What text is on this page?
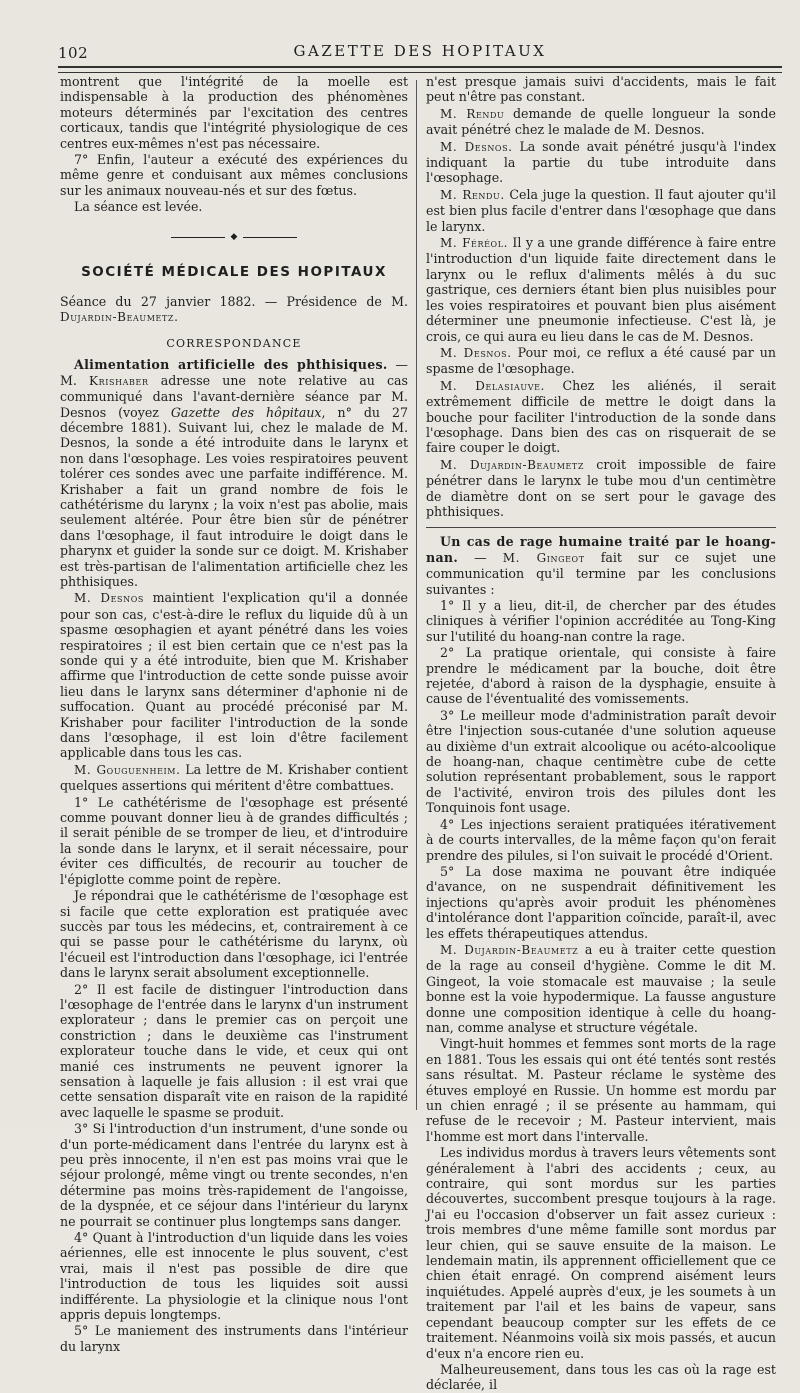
102	GAZETTE DES HOPITAUX

montrent que l'intégrité de la moelle est indispensable à la production des phénomènes moteurs déterminés par l'excitation des centres corticaux, tandis que l'intégrité physiologique de ces centres eux-mêmes n'est pas nécessaire.

7° Enfin, l'auteur a exécuté des expériences du même genre et conduisant aux mêmes conclusions sur les animaux nouveau-nés et sur des fœtus.

La séance est levée.

◆
SOCIÉTÉ MÉDICALE DES HOPITAUX

Séance du 27 janvier 1882. — Présidence de M. Dujardin-Beaumetz.

CORRESPONDANCE

Alimentation artificielle des phthisiques. — M. Krishaber adresse une note relative au cas communiqué dans l'avant-dernière séance par M. Desnos (voyez Gazette des hôpitaux, n° du 27 décembre 1881). Suivant lui, chez le malade de M. Desnos, la sonde a été introduite dans le larynx et non dans l'œsophage. Les voies respiratoires peuvent tolérer ces sondes avec une parfaite indifférence. M. Krishaber a fait un grand nombre de fois le cathétérisme du larynx ; la voix n'est pas abolie, mais seulement altérée. Pour être bien sûr de pénétrer dans l'œsophage, il faut introduire le doigt dans le pharynx et guider la sonde sur ce doigt. M. Krishaber est très-partisan de l'alimentation artificielle chez les phthisiques.

M. Desnos maintient l'explication qu'il a donnée pour son cas, c'est-à-dire le reflux du liquide dû à un spasme œsophagien et ayant pénétré dans les voies respiratoires ; il est bien certain que ce n'est pas la sonde qui y a été introduite, bien que M. Krishaber affirme que l'introduction de cette sonde puisse avoir lieu dans le larynx sans déterminer d'aphonie ni de suffocation. Quant au procédé préconisé par M. Krishaber pour faciliter l'introduction de la sonde dans l'œsophage, il est loin d'être facilement applicable dans tous les cas.

M. Gouguenheim. La lettre de M. Krishaber contient quelques assertions qui méritent d'être combattues.

1° Le cathétérisme de l'œsophage est présenté comme pouvant donner lieu à de grandes difficultés ; il serait pénible de se tromper de lieu, et d'introduire la sonde dans le larynx, et il serait nécessaire, pour éviter ces difficultés, de recourir au toucher de l'épiglotte comme point de repère.

Je répondrai que le cathétérisme de l'œsophage est si facile que cette exploration est pratiquée avec succès par tous les médecins, et, contrairement à ce qui se passe pour le cathétérisme du larynx, où l'écueil est l'introduction dans l'œsophage, ici l'entrée dans le larynx serait absolument exceptionnelle.

2° Il est facile de distinguer l'introduction dans l'œsophage de l'entrée dans le larynx d'un instrument explorateur ; dans le premier cas on perçoit une constriction ; dans le deuxième cas l'instrument explorateur touche dans le vide, et ceux qui ont manié ces instruments ne peuvent ignorer la sensation à laquelle je fais allusion : il est vrai que cette sensation disparaît vite en raison de la rapidité avec laquelle le spasme se produit.

3° Si l'introduction d'un instrument, d'une sonde ou d'un porte-médicament dans l'entrée du larynx est à peu près innocente, il n'en est pas moins vrai que le séjour prolongé, même vingt ou trente secondes, n'en détermine pas moins très-rapidement de l'angoisse, de la dyspnée, et ce séjour dans l'intérieur du larynx ne pourrait se continuer plus longtemps sans danger.

4° Quant à l'introduction d'un liquide dans les voies aériennes, elle est innocente le plus souvent, c'est vrai, mais il n'est pas possible de dire que l'introduction de tous les liquides soit aussi indifférente. La physiologie et la clinique nous l'ont appris depuis longtemps.

5° Le maniement des instruments dans l'intérieur du larynx

n'est presque jamais suivi d'accidents, mais le fait peut n'être pas constant.

M. Rendu demande de quelle longueur la sonde avait pénétré chez le malade de M. Desnos.

M. Desnos. La sonde avait pénétré jusqu'à l'index indiquant la partie du tube introduite dans l'œsophage.

M. Rendu. Cela juge la question. Il faut ajouter qu'il est bien plus facile d'entrer dans l'œsophage que dans le larynx.

M. Féréol. Il y a une grande différence à faire entre l'introduction d'un liquide faite directement dans le larynx ou le reflux d'aliments mêlés à du suc gastrique, ces derniers étant bien plus nuisibles pour les voies respiratoires et pouvant bien plus aisément déterminer une pneumonie infectieuse. C'est là, je crois, ce qui aura eu lieu dans le cas de M. Desnos.

M. Desnos. Pour moi, ce reflux a été causé par un spasme de l'œsophage.

M. Delasiauve. Chez les aliénés, il serait extrêmement difficile de mettre le doigt dans la bouche pour faciliter l'introduction de la sonde dans l'œsophage. Dans bien des cas on risquerait de se faire couper le doigt.

M. Dujardin-Beaumetz croit impossible de faire pénétrer dans le larynx le tube mou d'un centimètre de diamètre dont on se sert pour le gavage des phthisiques.

Un cas de rage humaine traité par le hoang-nan. — M. Gingeot fait sur ce sujet une communication qu'il termine par les conclusions suivantes :

1° Il y a lieu, dit-il, de chercher par des études cliniques à vérifier l'opinion accréditée au Tong-King sur l'utilité du hoang-nan contre la rage.

2° La pratique orientale, qui consiste à faire prendre le médicament par la bouche, doit être rejetée, d'abord à raison de la dysphagie, ensuite à cause de l'éventualité des vomissements.

3° Le meilleur mode d'administration paraît devoir être l'injection sous-cutanée d'une solution aqueuse au dixième d'un extrait alcoolique ou acéto-alcoolique de hoang-nan, chaque centimètre cube de cette solution représentant probablement, sous le rapport de l'activité, environ trois des pilules dont les Tonquinois font usage.

4° Les injections seraient pratiquées itérativement à de courts intervalles, de la même façon qu'on ferait prendre des pilules, si l'on suivait le procédé d'Orient.

5° La dose maxima ne pouvant être indiquée d'avance, on ne suspendrait définitivement les injections qu'après avoir produit les phénomènes d'intolérance dont l'apparition coïncide, paraît-il, avec les effets thérapeutiques attendus.

M. Dujardin-Beaumetz a eu à traiter cette question de la rage au conseil d'hygiène. Comme le dit M. Gingeot, la voie stomacale est mauvaise ; la seule bonne est la voie hypodermique. La fausse angusture donne une composition identique à celle du hoang-nan, comme analyse et structure végétale.

Vingt-huit hommes et femmes sont morts de la rage en 1881. Tous les essais qui ont été tentés sont restés sans résultat. M. Pasteur réclame le système des étuves employé en Russie. Un homme est mordu par un chien enragé ; il se présente au hammam, qui refuse de le recevoir ; M. Pasteur intervient, mais l'homme est mort dans l'intervalle.

Les individus mordus à travers leurs vêtements sont généralement à l'abri des accidents ; ceux, au contraire, qui sont mordus sur les parties découvertes, succombent presque toujours à la rage. J'ai eu l'occasion d'observer un fait assez curieux : trois membres d'une même famille sont mordus par leur chien, qui se sauve ensuite de la maison. Le lendemain matin, ils apprennent officiellement que ce chien était enragé. On comprend aisément leurs inquiétudes. Appelé auprès d'eux, je les soumets à un traitement par l'ail et les bains de vapeur, sans cependant beaucoup compter sur les effets de ce traitement. Néanmoins voilà six mois passés, et aucun d'eux n'a encore rien eu.

Malheureusement, dans tous les cas où la rage est déclarée, il
